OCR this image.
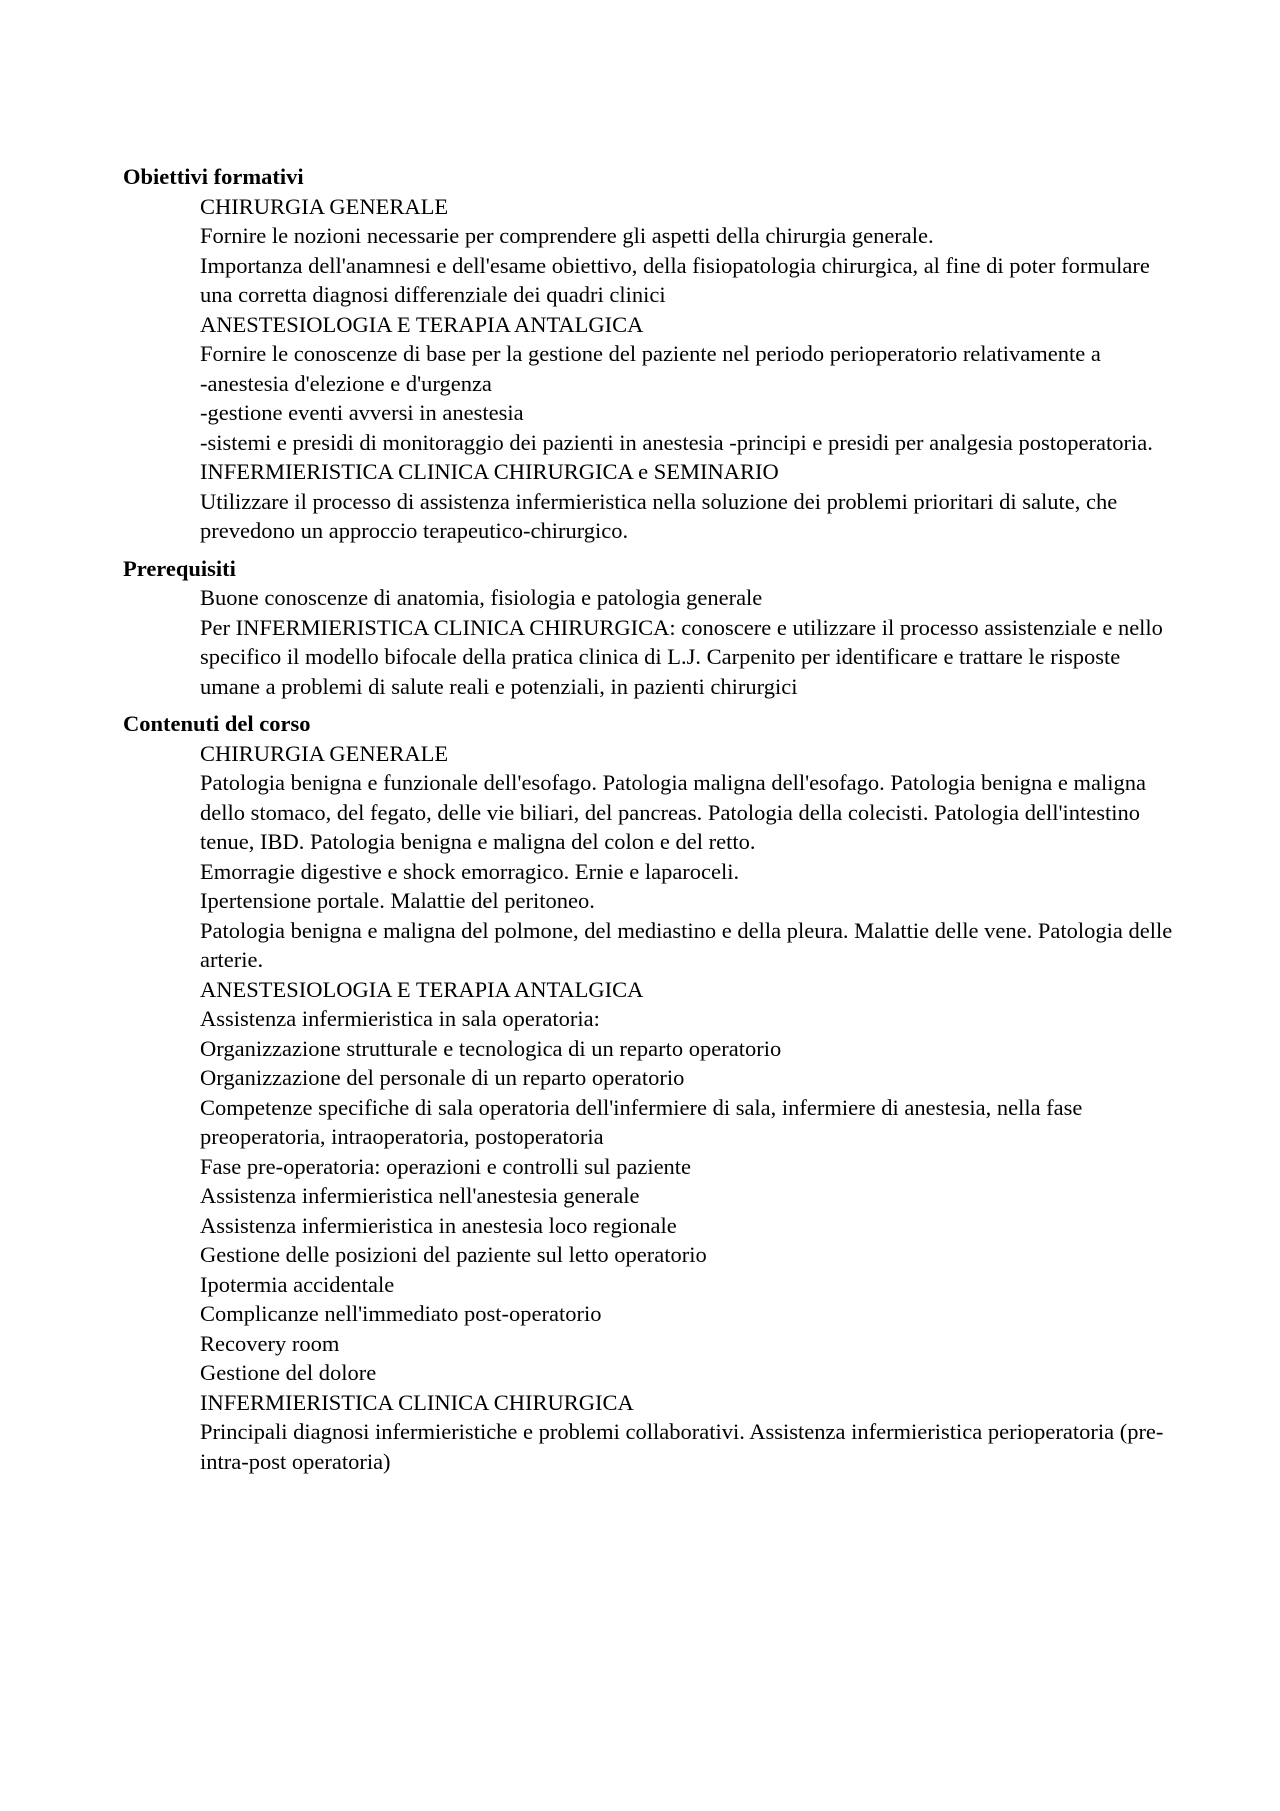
Obiettivi formativi
CHIRURGIA GENERALE
Fornire le nozioni necessarie per comprendere gli aspetti della chirurgia generale.
Importanza dell'anamnesi e dell'esame obiettivo, della fisiopatologia chirurgica, al fine di poter formulare una corretta diagnosi differenziale dei quadri clinici
ANESTESIOLOGIA E TERAPIA ANTALGICA
Fornire le conoscenze di base per la gestione del paziente nel periodo perioperatorio relativamente a
-anestesia d'elezione e d'urgenza
-gestione eventi avversi in anestesia
-sistemi e presidi di monitoraggio dei pazienti in anestesia -principi e presidi per analgesia postoperatoria.
INFERMIERISTICA CLINICA CHIRURGICA e SEMINARIO
Utilizzare il processo di assistenza infermieristica nella soluzione dei problemi prioritari di salute, che prevedono un approccio terapeutico-chirurgico.
Prerequisiti
Buone conoscenze di anatomia, fisiologia e patologia generale
Per INFERMIERISTICA CLINICA CHIRURGICA: conoscere e utilizzare il processo assistenziale e nello specifico il modello bifocale della pratica clinica di L.J. Carpenito per identificare e trattare le risposte umane a problemi di salute reali e potenziali, in pazienti chirurgici
Contenuti del corso
CHIRURGIA GENERALE
Patologia benigna e funzionale dell'esofago. Patologia maligna dell'esofago. Patologia benigna e maligna dello stomaco, del fegato, delle vie biliari, del pancreas. Patologia della colecisti. Patologia dell'intestino tenue, IBD. Patologia benigna e maligna del colon e del retto.
Emorragie digestive e shock emorragico. Ernie e laparoceli.
Ipertensione portale. Malattie del peritoneo.
Patologia benigna e maligna del polmone, del mediastino e della pleura. Malattie delle vene. Patologia delle arterie.
ANESTESIOLOGIA E TERAPIA ANTALGICA
Assistenza infermieristica in sala operatoria:
Organizzazione strutturale e tecnologica di un reparto operatorio
Organizzazione del personale di un reparto operatorio
Competenze specifiche di sala operatoria dell'infermiere di sala, infermiere di anestesia, nella fase preoperatoria, intraoperatoria, postoperatoria
Fase pre-operatoria: operazioni e controlli sul paziente
Assistenza infermieristica nell'anestesia generale
Assistenza infermieristica in anestesia loco regionale
Gestione delle posizioni del paziente sul letto operatorio
Ipotermia accidentale
Complicanze nell'immediato post-operatorio
Recovery room
Gestione del dolore
INFERMIERISTICA CLINICA CHIRURGICA
Principali diagnosi infermieristiche e problemi collaborativi. Assistenza infermieristica perioperatoria (pre-intra-post operatoria)
